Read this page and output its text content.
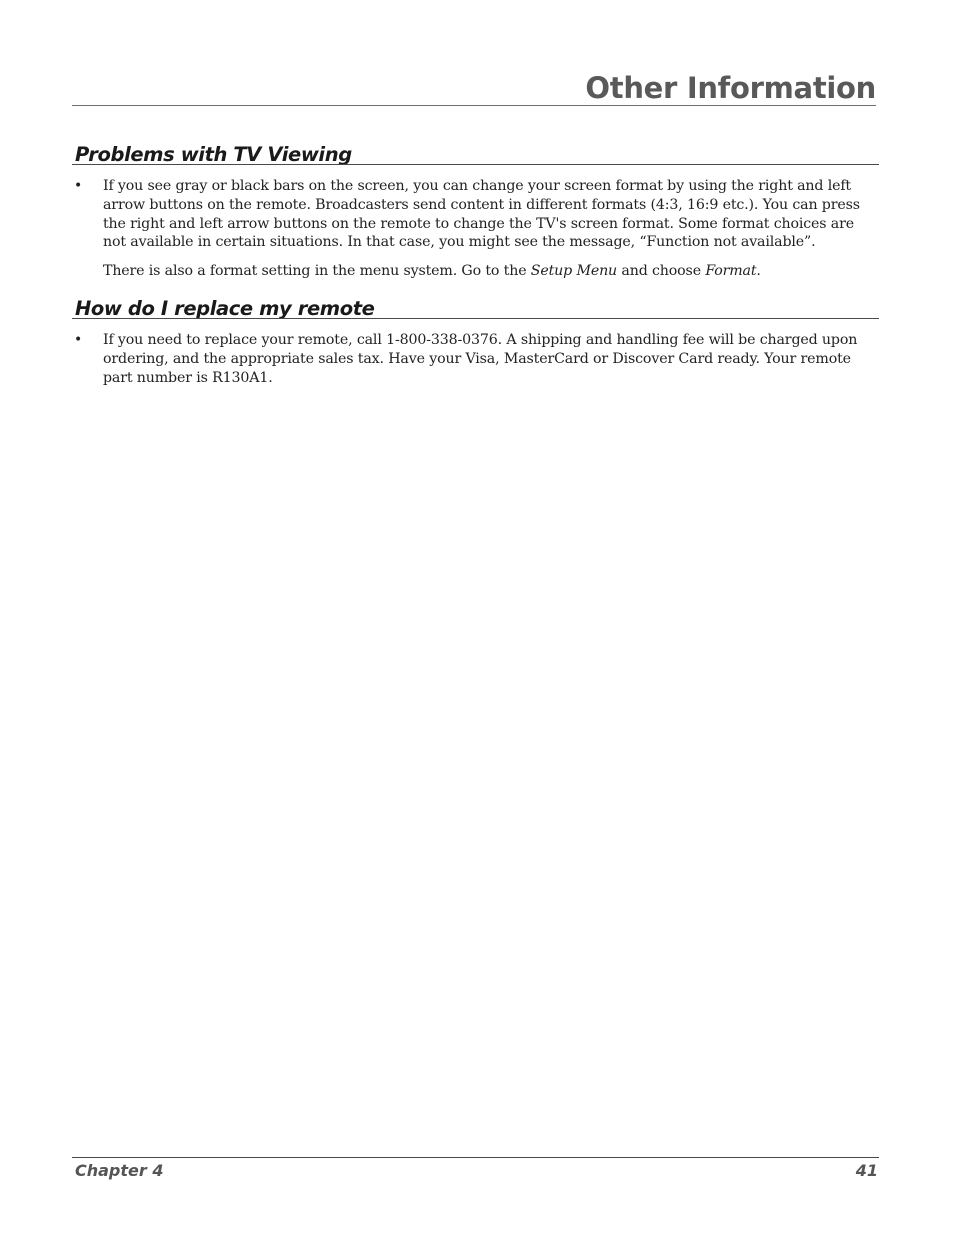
Other Information
Problems with TV Viewing
• If you see gray or black bars on the screen, you can change your screen format by using the right and left arrow buttons on the remote. Broadcasters send content in different formats (4:3, 16:9 etc.). You can press the right and left arrow buttons on the remote to change the TV's screen format. Some format choices are not available in certain situations. In that case, you might see the message, “Function not available”.
There is also a format setting in the menu system. Go to the Setup Menu and choose Format.
How do I replace my remote
• If you need to replace your remote, call 1-800-338-0376. A shipping and handling fee will be charged upon ordering, and the appropriate sales tax. Have your Visa, MasterCard or Discover Card ready. Your remote part number is R130A1.
Chapter 4	41
